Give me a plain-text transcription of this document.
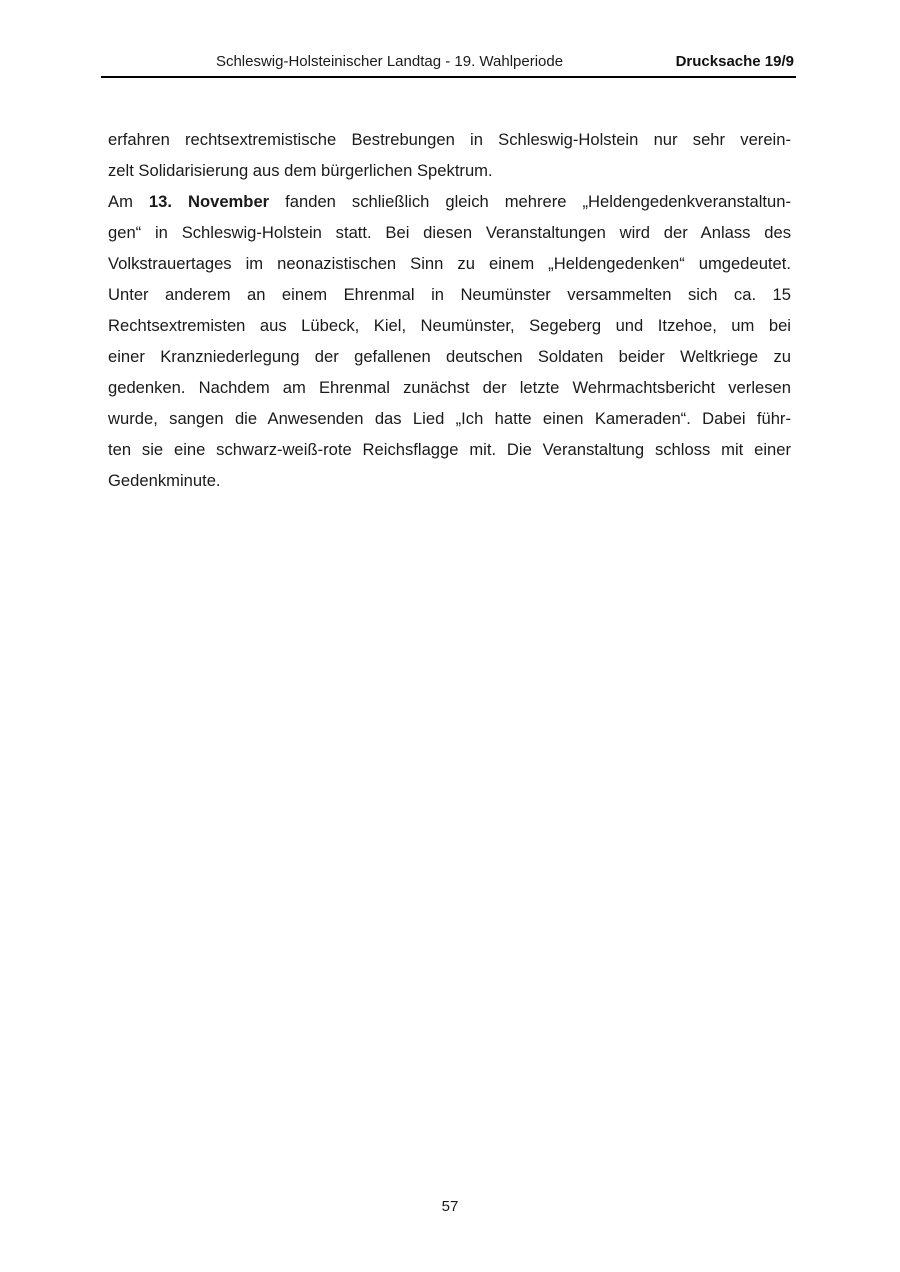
Schleswig-Holsteinischer Landtag - 19. Wahlperiode	Drucksache 19/9

erfahren rechtsextremistische Bestrebungen in Schleswig-Holstein nur sehr verein-
zelt Solidarisierung aus dem bürgerlichen Spektrum.

Am 13. November fanden schließlich gleich mehrere „Heldengedenkveranstaltun-
gen“ in Schleswig-Holstein statt. Bei diesen Veranstaltungen wird der Anlass des
Volkstrauertages im neonazistischen Sinn zu einem „Heldengedenken“ umgedeutet.
Unter anderem an einem Ehrenmal in Neumünster versammelten sich ca. 15
Rechtsextremisten aus Lübeck, Kiel, Neumünster, Segeberg und Itzehoe, um bei
einer Kranzniederlegung der gefallenen deutschen Soldaten beider Weltkriege zu
gedenken. Nachdem am Ehrenmal zunächst der letzte Wehrmachtsbericht verlesen
wurde, sangen die Anwesenden das Lied „Ich hatte einen Kameraden“. Dabei führ-
ten sie eine schwarz-weiß-rote Reichsflagge mit. Die Veranstaltung schloss mit einer
Gedenkminute.

57
